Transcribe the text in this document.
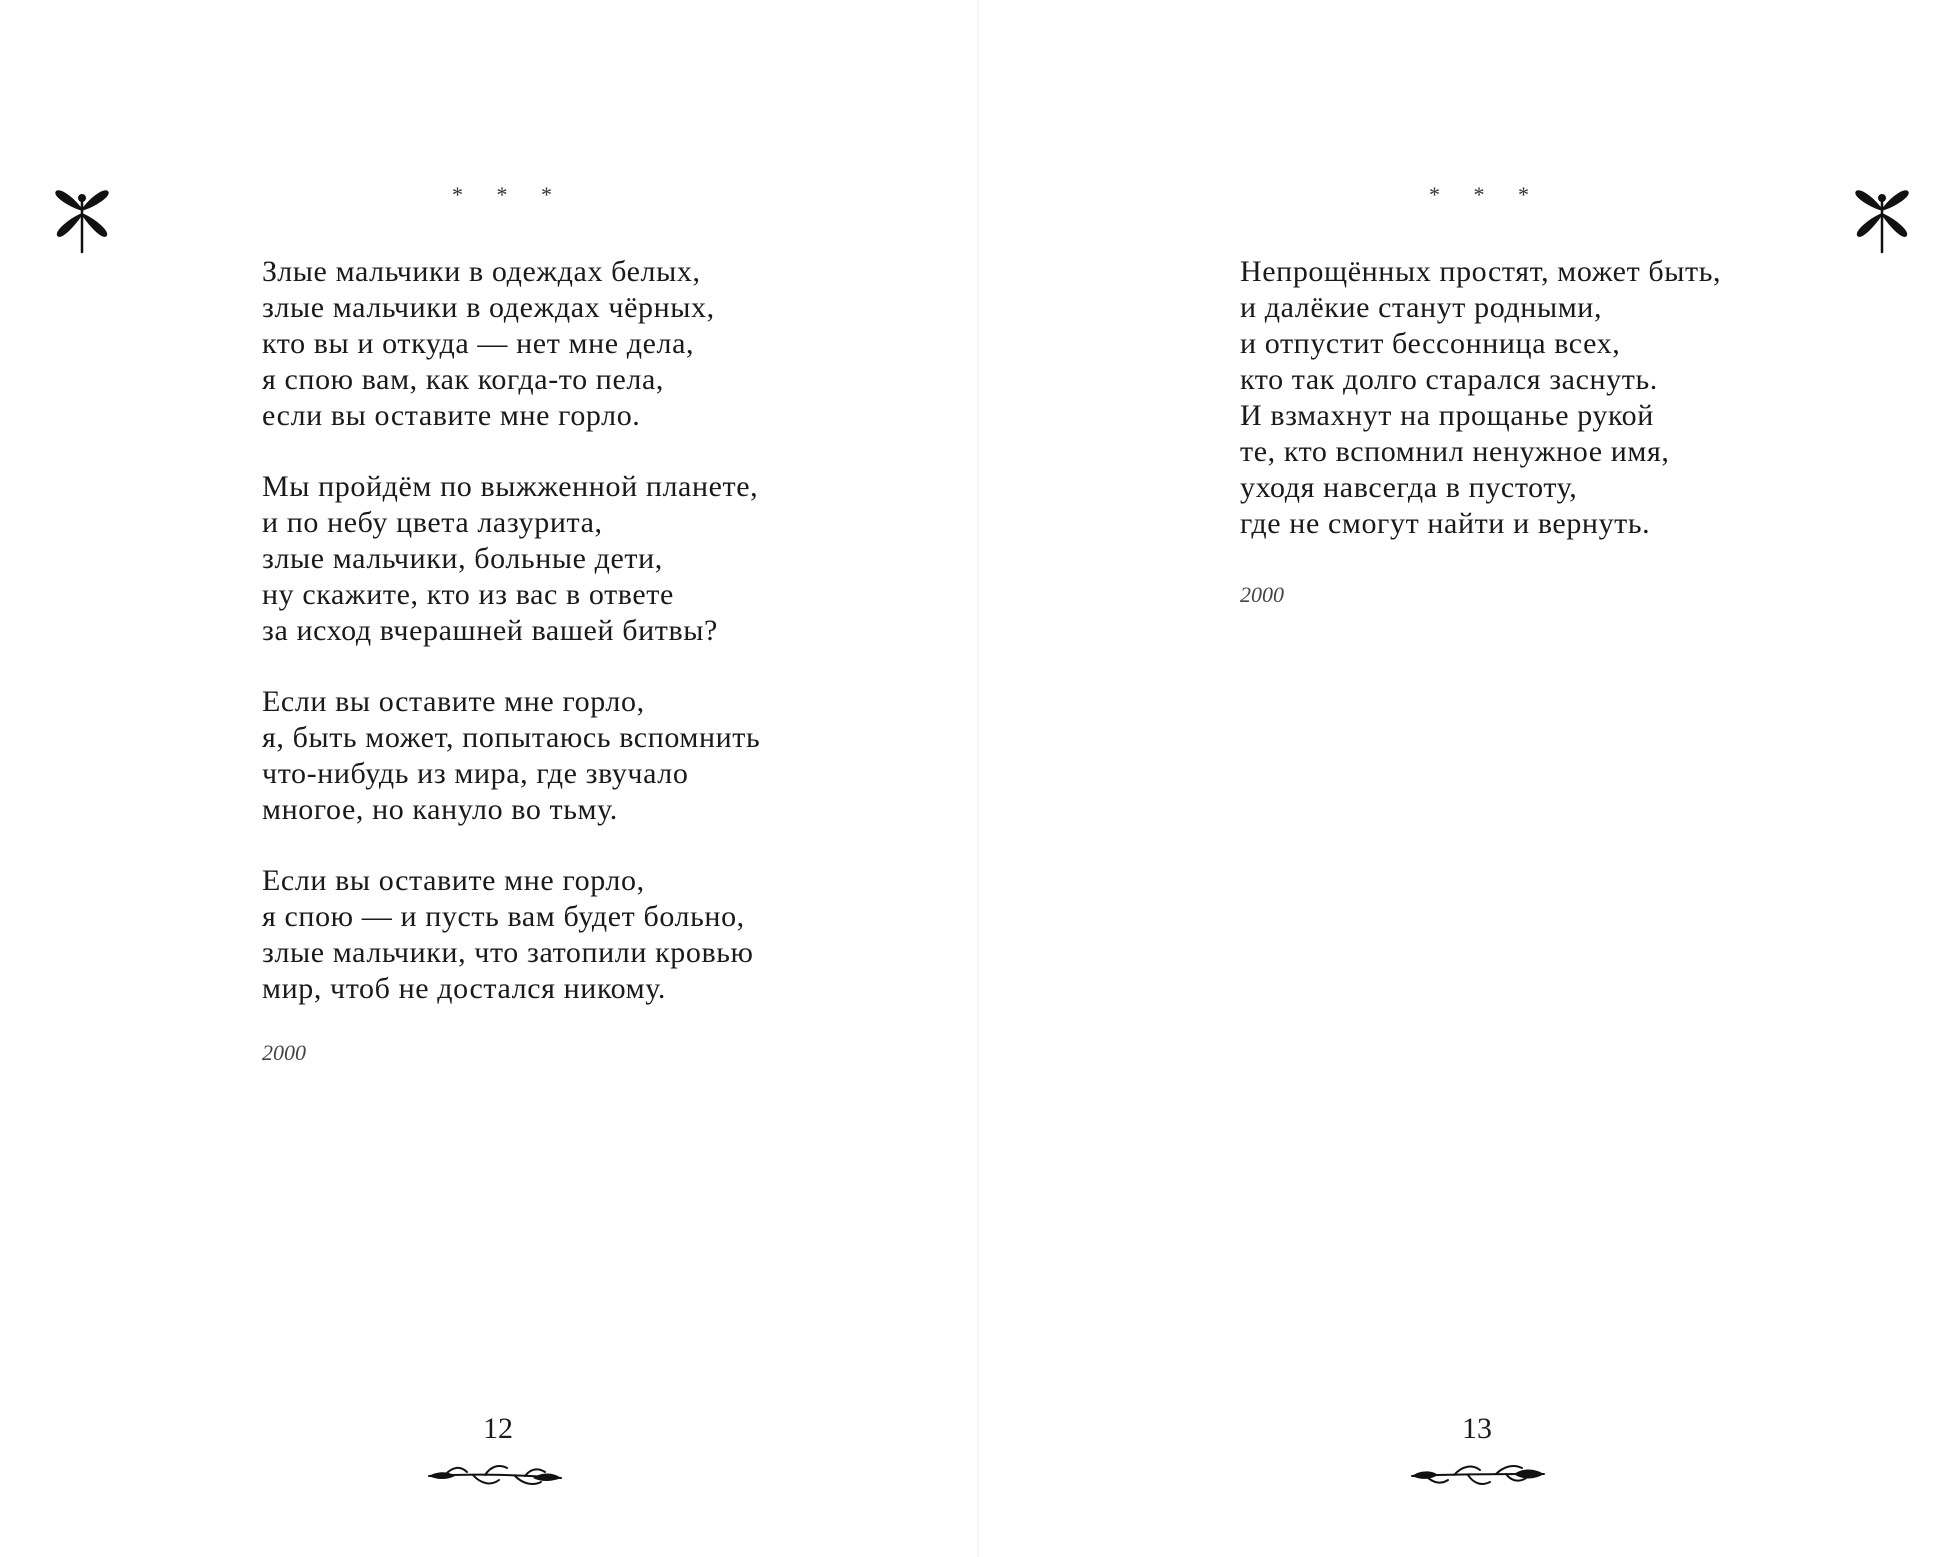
* * *
Злые мальчики в одеждах белых,
злые мальчики в одеждах чёрных,
кто вы и откуда — нет мне дела,
я спою вам, как когда-то пела,
если вы оставите мне горло.
Мы пройдём по выжженной планете,
и по небу цвета лазурита,
злые мальчики, больные дети,
ну скажите, кто из вас в ответе
за исход вчерашней вашей битвы?
Если вы оставите мне горло,
я, быть может, попытаюсь вспомнить
что-нибудь из мира, где звучало
многое, но кануло во тьму.
Если вы оставите мне горло,
я спою — и пусть вам будет больно,
злые мальчики, что затопили кровью
мир, чтоб не достался никому.
2000
12
* * *
Непрощённых простят, может быть,
и далёкие станут родными,
и отпустит бессонница всех,
кто так долго старался заснуть.
И взмахнут на прощанье рукой
те, кто вспомнил ненужное имя,
уходя навсегда в пустоту,
где не смогут найти и вернуть.
2000
13
